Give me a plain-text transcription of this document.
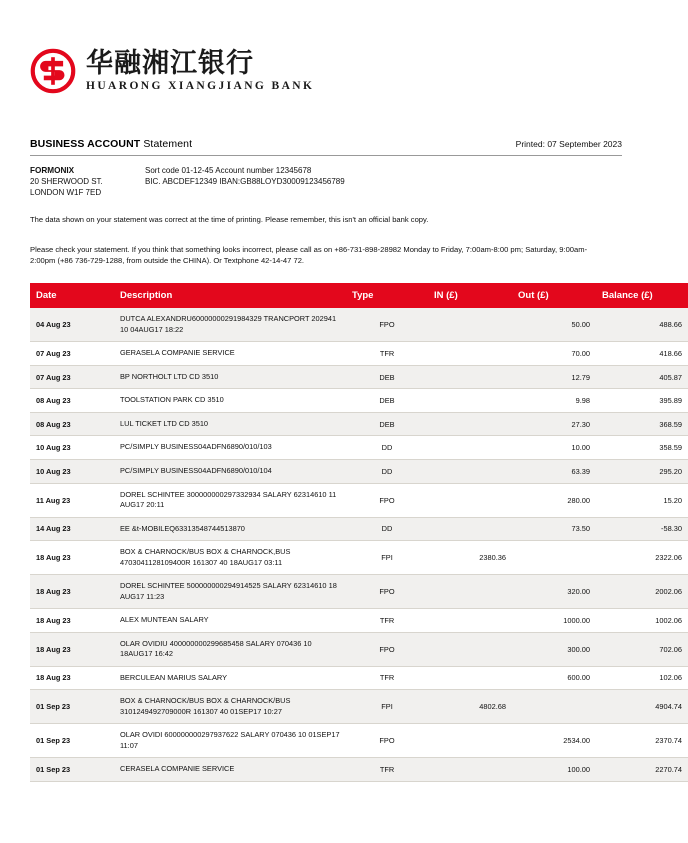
华融湘江银行
HUARONG XIANGJIANG BANK
BUSINESS ACCOUNT Statement	Printed: 07 September 2023
FORMONIX
20 SHERWOOD ST.
LONDON W1F 7ED
Sort code 01-12-45 Account number 12345678
BIC. ABCDEF12349 IBAN:GB88LOYD30009123456789
The data shown on your statement was correct at the time of printing. Please remember, this isn't an official bank copy.
Please check your statement. If you think that something looks incorrect, please call as on +86-731-898-28982 Monday to Friday, 7:00am-8:00 pm; Saturday, 9:00am-2:00pm (+86 736-729-1288, from outside the CHINA). Or Textphone 42-14-47 72.
Date	Description	Type	IN (£)	Out (£)	Balance (£)
04 Aug 23	DUTCA ALEXANDRU60000000291984329 TRANCPORT 202941 10 04AUG17 18:22	FPO		50.00	488.66
07 Aug 23	GERASELA COMPANIE SERVICE	TFR		70.00	418.66
07 Aug 23	BP NORTHOLT LTD CD 3510	DEB		12.79	405.87
08 Aug 23	TOOLSTATION PARK CD 3510	DEB		9.98	395.89
08 Aug 23	LUL TICKET LTD CD 3510	DEB		27.30	368.59
10 Aug 23	PC/SIMPLY BUSINESS04ADFN6890/010/103	DD		10.00	358.59
10 Aug 23	PC/SIMPLY BUSINESS04ADFN6890/010/104	DD		63.39	295.20
11 Aug 23	DOREL SCHINTEE 300000000297332934 SALARY 62314610 11 AUG17 20:11	FPO		280.00	15.20
14 Aug 23	EE &t-MOBILEQ63313548744513870	DD		73.50	-58.30
18 Aug 23	BOX & CHARNOCK/BUS BOX & CHARNOCK,BUS 4703041128109400R 161307 40 18AUG17 03:11	FPI	2380.36		2322.06
18 Aug 23	DOREL SCHINTEE 500000000294914525 SALARY 62314610 18 AUG17 11:23	FPO		320.00	2002.06
18 Aug 23	ALEX MUNTEAN SALARY	TFR		1000.00	1002.06
18 Aug 23	OLAR OVIDIU 400000000299685458 SALARY 070436 10 18AUG17 16:42	FPO		300.00	702.06
18 Aug 23	BERCULEAN MARIUS SALARY	TFR		600.00	102.06
01 Sep 23	BOX & CHARNOCK/BUS BOX & CHARNOCK/BUS 3101249492709000R 161307 40 01SEP17 10:27	FPI	4802.68		4904.74
01 Sep 23	OLAR OVIDI 600000000297937622 SALARY 070436 10 01SEP17 11:07	FPO		2534.00	2370.74
01 Sep 23	CERASELA COMPANIE SERVICE	TFR		100.00	2270.74
